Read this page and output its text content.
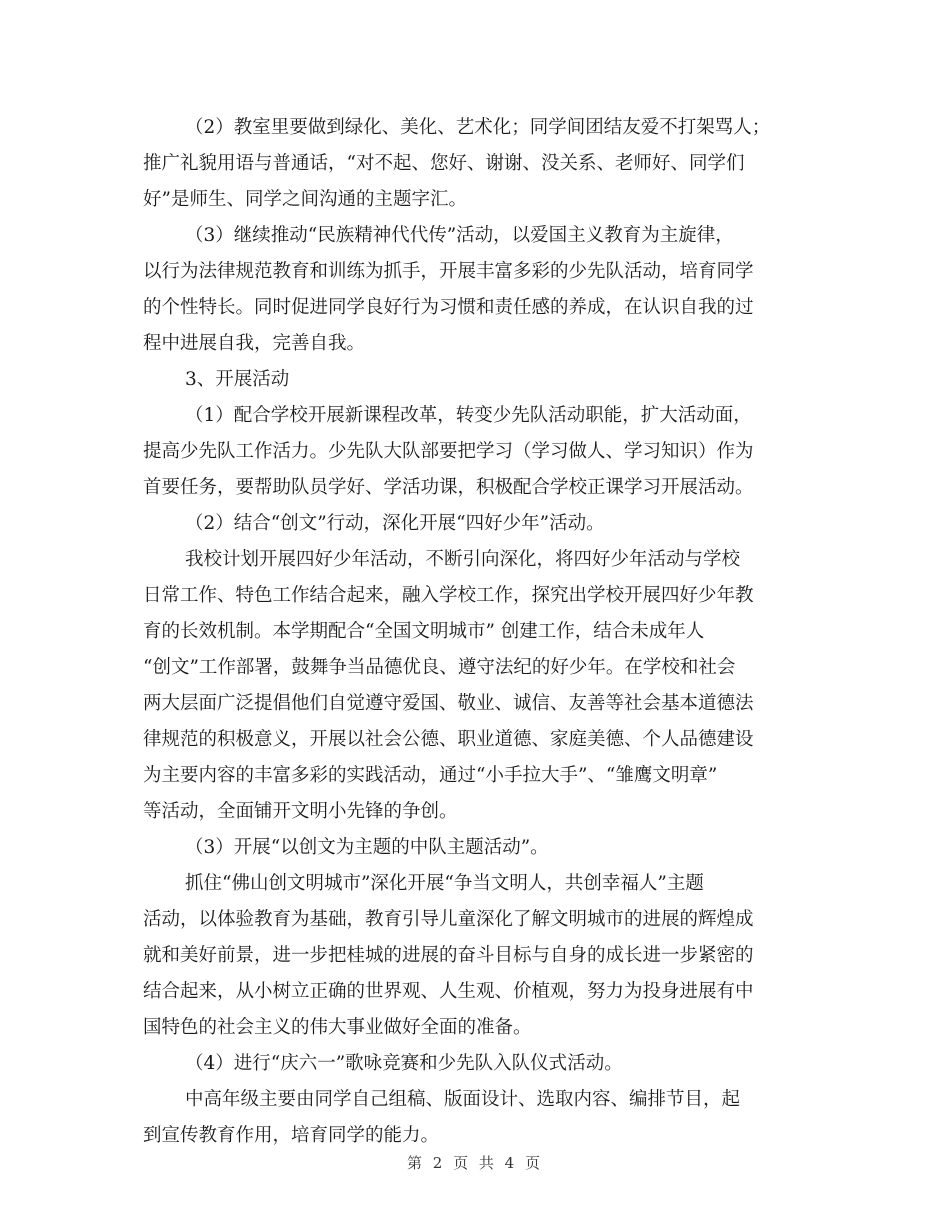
（2）教室里要做到绿化、美化、艺术化；同学间团结友爱不打架骂人；
推广礼貌用语与普通话，“对不起、您好、谢谢、没关系、老师好、同学们
好”是师生、同学之间沟通的主题字汇。
（3）继续推动“民族精神代代传”活动，以爱国主义教育为主旋律，
以行为法律规范教育和训练为抓手，开展丰富多彩的少先队活动，培育同学
的个性特长。同时促进同学良好行为习惯和责任感的养成，在认识自我的过
程中进展自我，完善自我。
3、开展活动
（1）配合学校开展新课程改革，转变少先队活动职能，扩大活动面，
提高少先队工作活力。少先队大队部要把学习（学习做人、学习知识）作为
首要任务，要帮助队员学好、学活功课，积极配合学校正课学习开展活动。
（2）结合“创文”行动，深化开展“四好少年”活动。
我校计划开展四好少年活动，不断引向深化，将四好少年活动与学校
日常工作、特色工作结合起来，融入学校工作，探究出学校开展四好少年教
育的长效机制。本学期配合“全国文明城市” 创建工作，结合未成年人
“创文”工作部署，鼓舞争当品德优良、遵守法纪的好少年。在学校和社会
两大层面广泛提倡他们自觉遵守爱国、敬业、诚信、友善等社会基本道德法
律规范的积极意义，开展以社会公德、职业道德、家庭美德、个人品德建设
为主要内容的丰富多彩的实践活动，通过“小手拉大手”、“雏鹰文明章”
等活动，全面铺开文明小先锋的争创。
（3）开展“以创文为主题的中队主题活动”。
抓住“佛山创文明城市”深化开展“争当文明人，共创幸福人”主题
活动，以体验教育为基础，教育引导儿童深化了解文明城市的进展的辉煌成
就和美好前景，进一步把桂城的进展的奋斗目标与自身的成长进一步紧密的
结合起来，从小树立正确的世界观、人生观、价植观，努力为投身进展有中
国特色的社会主义的伟大事业做好全面的准备。
（4）进行“庆六一”歌咏竞赛和少先队入队仪式活动。
中高年级主要由同学自己组稿、版面设计、选取内容、编排节目，起
到宣传教育作用，培育同学的能力。
第 2 页 共 4 页
